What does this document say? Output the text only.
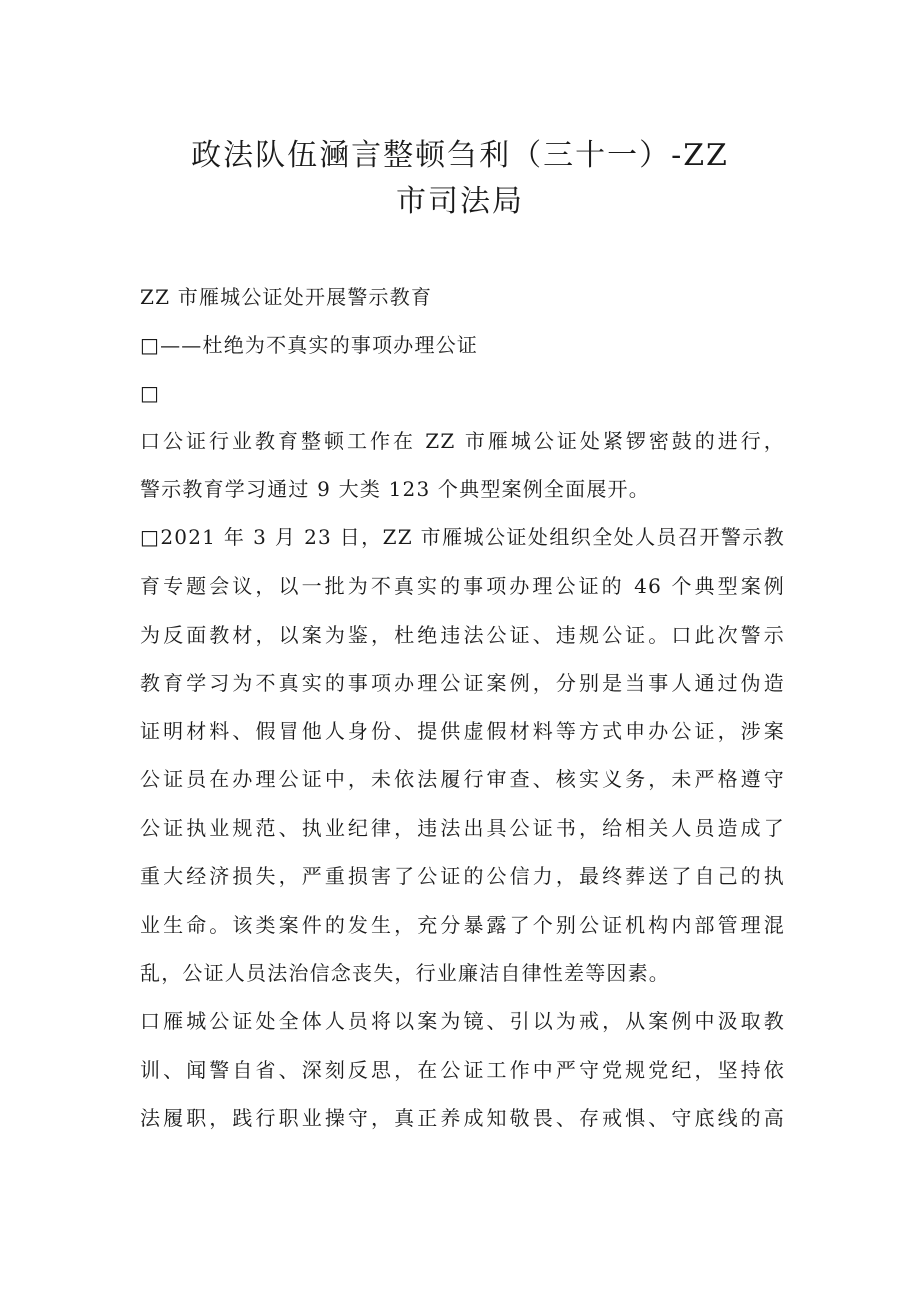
政法队伍㴠言整顿刍利（三十一）-ZZ
市司法局

ZZ 市雁城公证处开展警示教育

□——杜绝为不真实的事项办理公证

□

口公证行业教育整顿工作在 ZZ 市雁城公证处紧锣密鼓的进行，

警示教育学习通过 9 大类 123 个典型案例全面展开。

□2021 年 3 月 23 日，ZZ 市雁城公证处组织全处人员召开警示教

育专题会议，以一批为不真实的事项办理公证的 46 个典型案例

为反面教材，以案为鉴，杜绝违法公证、违规公证。口此次警示

教育学习为不真实的事项办理公证案例，分别是当事人通过伪造

证明材料、假冒他人身份、提供虚假材料等方式申办公证，涉案

公证员在办理公证中，未依法履行审查、核实义务，未严格遵守

公证执业规范、执业纪律，违法出具公证书，给相关人员造成了

重大经济损失，严重损害了公证的公信力，最终葬送了自己的执

业生命。该类案件的发生，充分暴露了个别公证机构内部管理混

乱，公证人员法治信念丧失，行业廉洁自律性差等因素。

口雁城公证处全体人员将以案为镜、引以为戒，从案例中汲取教

训、闻警自省、深刻反思，在公证工作中严守党规党纪，坚持依

法履职，践行职业操守，真正养成知敬畏、存戒惧、守底线的高
